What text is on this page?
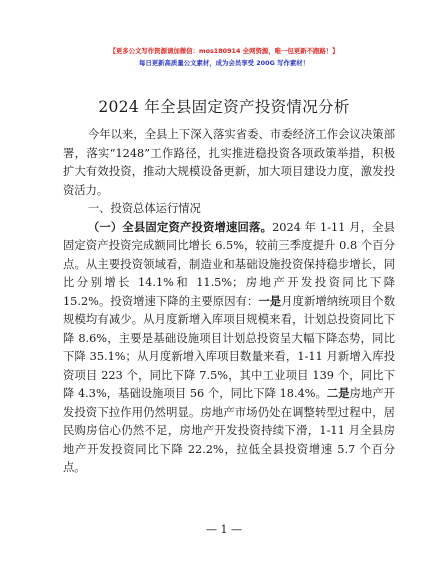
【更多公文写作资源请加微信：mos180914 全网资源，唯一包更新不跑路！】
每日更新高质量公文素材，成为会员享受 200G 写作素材！
2024 年全县固定资产投资情况分析

今年以来，全县上下深入落实省委、市委经济工作会议决策部署，落实“1248”工作路径，扎实推进稳投资各项政策举措，积极扩大有效投资，推动大规模设备更新，加大项目建设力度，激发投资活力。

一、投资总体运行情况

（一）全县固定资产投资增速回落。2024 年 1-11 月，全县固定资产投资完成额同比增长 6.5%，较前三季度提升 0.8 个百分点。从主要投资领域看，制造业和基础设施投资保持稳步增长，同比分别增长 14.1%和 11.5%；房地产开发投资同比下降 15.2%。投资增速下降的主要原因有：一是月度新增纳统项目个数规模均有减少。从月度新增入库项目规模来看，计划总投资同比下降 8.6%，主要是基础设施项目计划总投资呈大幅下降态势，同比下降 35.1%；从月度新增入库项目数量来看，1-11 月新增入库投资项目 223 个，同比下降 7.5%，其中工业项目 139 个，同比下降 4.3%，基础设施项目 56 个，同比下降 18.4%。二是房地产开发投资下拉作用仍然明显。房地产市场仍处在调整转型过程中，居民购房信心仍然不足，房地产开发投资持续下滑，1-11 月全县房地产开发投资同比下降 22.2%，拉低全县投资增速 5.7 个百分点。

— 1 —
